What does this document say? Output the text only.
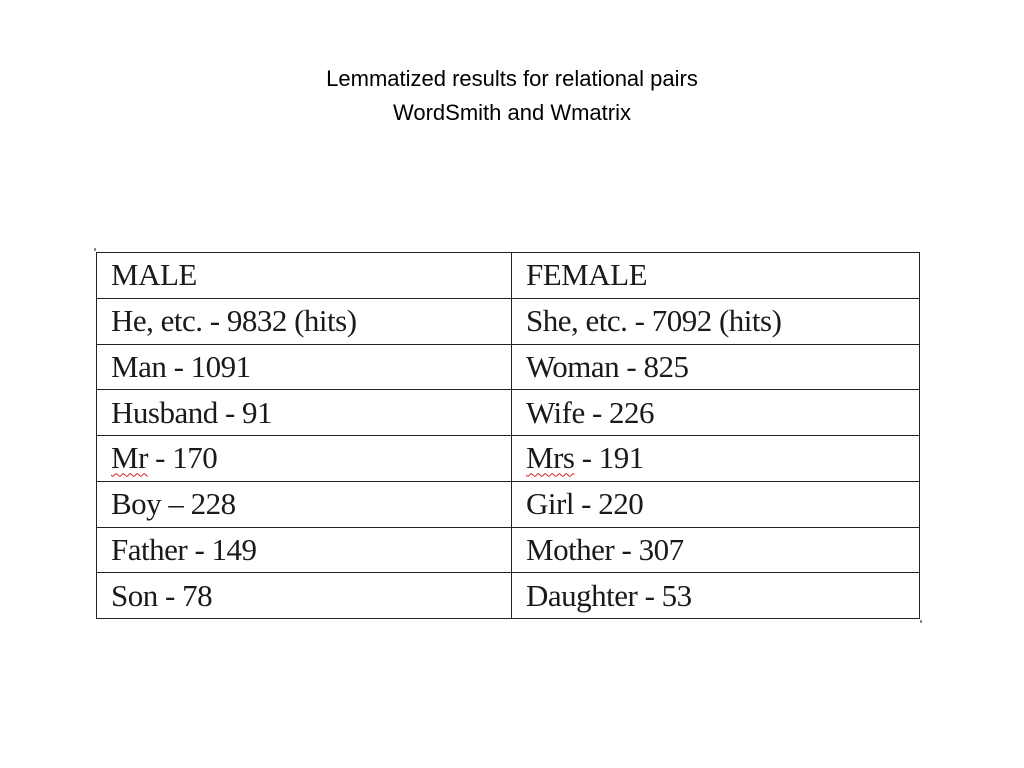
Lemmatized results for relational pairs
WordSmith and Wmatrix
MALE	FEMALE
He, etc. - 9832 (hits)	She, etc. - 7092 (hits)
Man - 1091	Woman - 825
Husband - 91	Wife - 226
Mr - 170	Mrs - 191
Boy – 228	Girl - 220
Father - 149	Mother - 307
Son - 78	Daughter - 53
